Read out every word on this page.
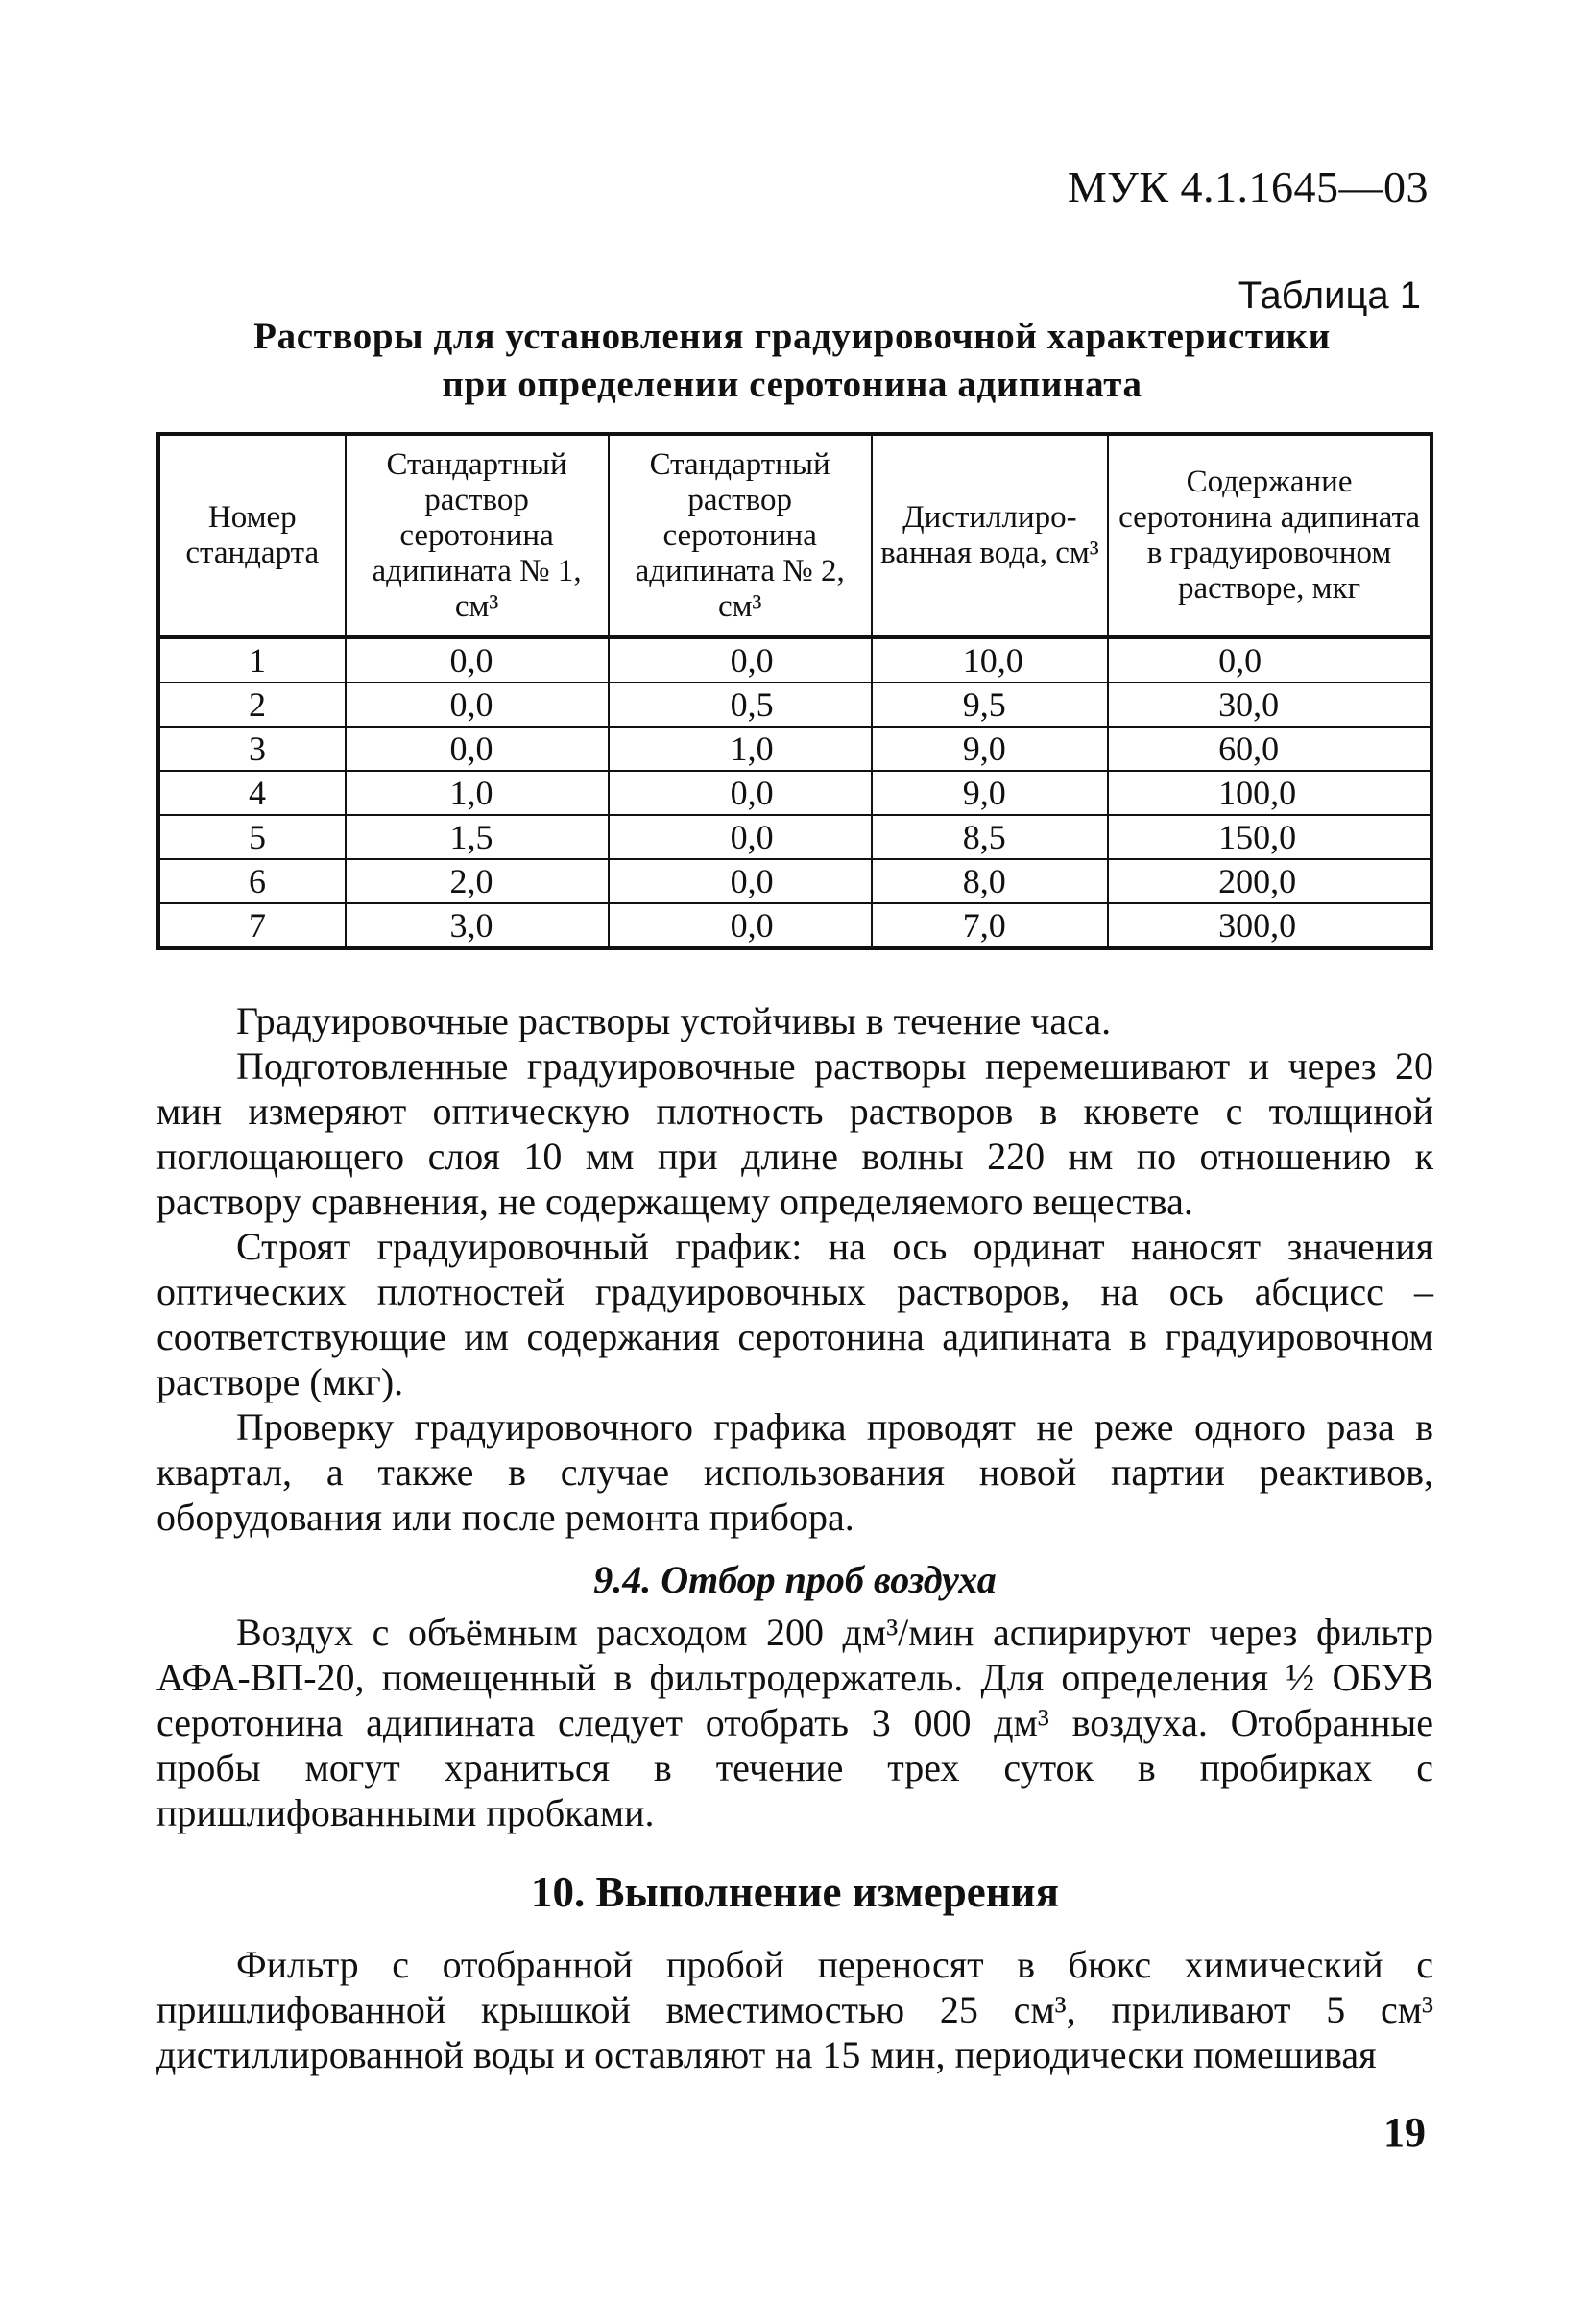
МУК 4.1.1645—03
Таблица 1
Растворы для установления градуировочной характеристики
при определении серотонина адипината
Номер стандарта	Стандартный раствор серотонина адипината № 1, см³	Стандартный раствор серотонина адипината № 2, см³	Дистиллированная вода, см³	Содержание серотонина адипината в градуировочном растворе, мкг
1	0,0	0,0	10,0	0,0
2	0,0	0,5	9,5	30,0
3	0,0	1,0	9,0	60,0
4	1,0	0,0	9,0	100,0
5	1,5	0,0	8,5	150,0
6	2,0	0,0	8,0	200,0
7	3,0	0,0	7,0	300,0

Градуировочные растворы устойчивы в течение часа.

Подготовленные градуировочные растворы перемешивают и через 20 мин измеряют оптическую плотность растворов в кювете с толщиной поглощающего слоя 10 мм при длине волны 220 нм по отношению к раствору сравнения, не содержащему определяемого вещества.

Строят градуировочный график: на ось ординат наносят значения оптических плотностей градуировочных растворов, на ось абсцисс – соответствующие им содержания серотонина адипината в градуировочном растворе (мкг).

Проверку градуировочного графика проводят не реже одного раза в квартал, а также в случае использования новой партии реактивов, оборудования или после ремонта прибора.

9.4. Отбор проб воздуха

Воздух с объёмным расходом 200 дм³/мин аспирируют через фильтр АФА-ВП-20, помещенный в фильтродержатель. Для определения ½ ОБУВ серотонина адипината следует отобрать 3 000 дм³ воздуха. Отобранные пробы могут храниться в течение трех суток в пробирках с пришлифованными пробками.

10. Выполнение измерения

Фильтр с отобранной пробой переносят в бюкс химический с пришлифованной крышкой вместимостью 25 см³, приливают 5 см³ дистиллированной воды и оставляют на 15 мин, периодически помешивая

19
